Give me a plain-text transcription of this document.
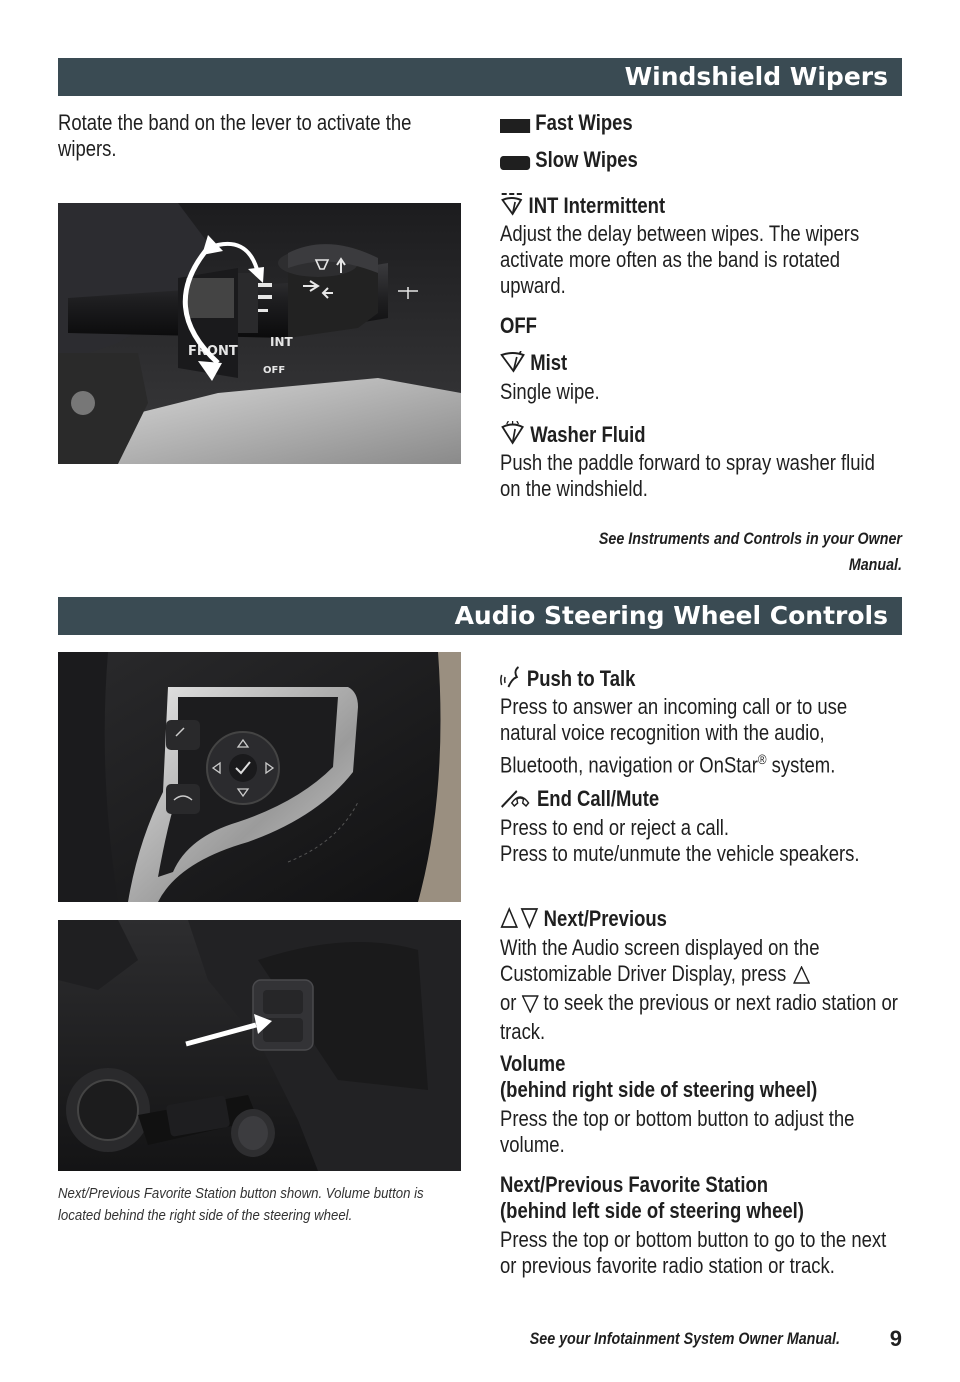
Windshield Wipers
Rotate the band on the lever to activate the wipers.
FRONT
INT
OFF
Fast Wipes
Slow Wipes
INT Intermittent
Adjust the delay between wipes. The wipers activate more often as the band is rotated upward.
OFF
Mist
Single wipe.
Washer Fluid
Push the paddle forward to spray washer fluid on the windshield.
See Instruments and Controls in your Owner Manual.
Audio Steering Wheel Controls
Next/Previous Favorite Station button shown. Volume button is located behind the right side of the steering wheel.
Push to Talk
Press to answer an incoming call or to use natural voice recognition with the audio, Bluetooth, navigation or OnStar® system.
End Call/Mute
Press to end or reject a call.
Press to mute/unmute the vehicle speakers.
Next/Previous
With the Audio screen displayed on the Customizable Driver Display, press
or  to seek the previous or next radio station or track.
Volume
(behind right side of steering wheel)
Press the top or bottom button to adjust the volume.
Next/Previous Favorite Station
(behind left side of steering wheel)
Press the top or bottom button to go to the next or previous favorite radio station or track.
See your Infotainment System Owner Manual.	9
